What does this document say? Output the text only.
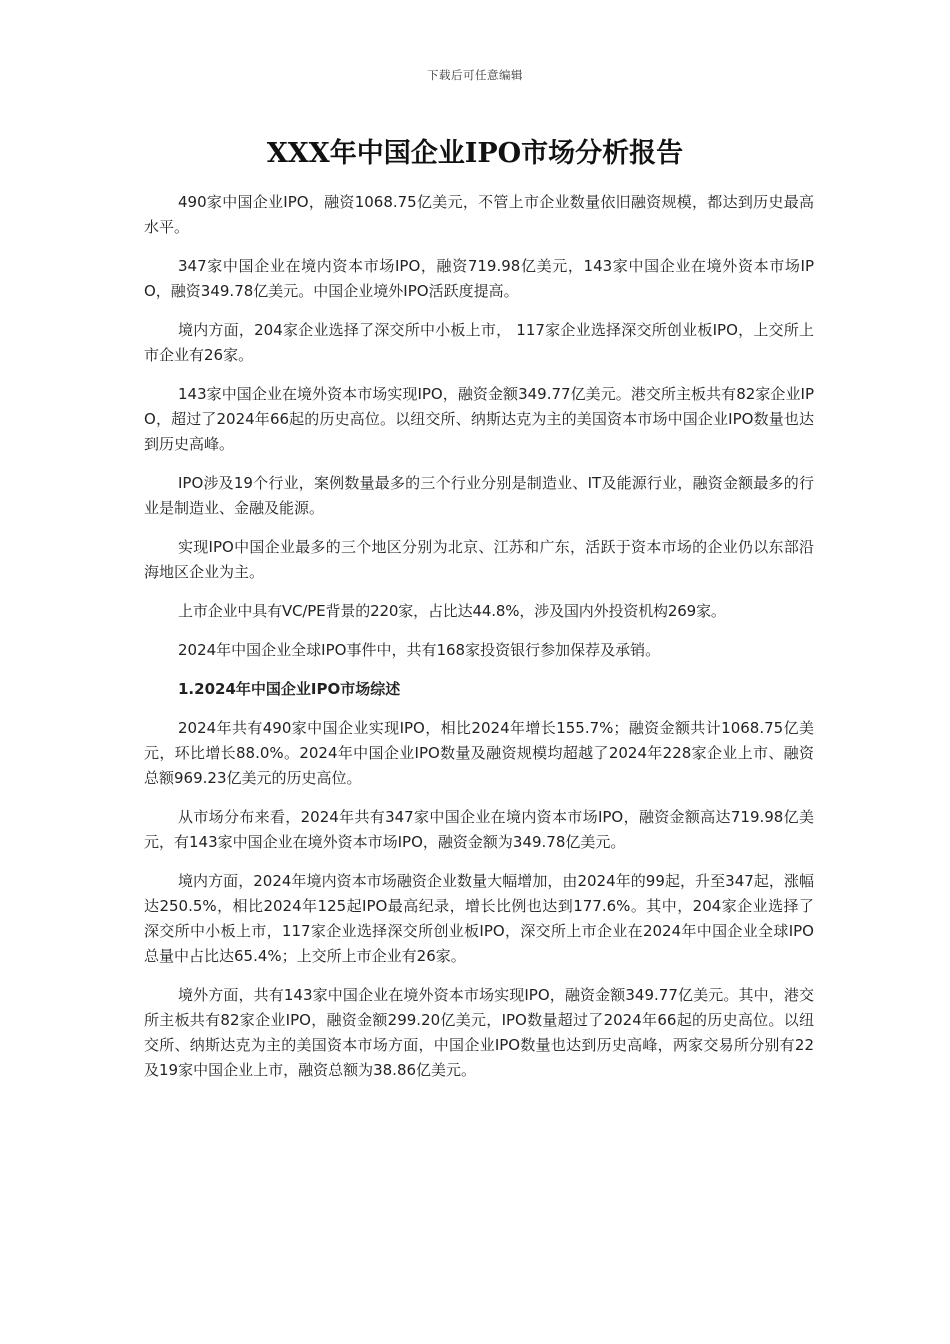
下载后可任意编辑
XXX年中国企业IPO市场分析报告

490家中国企业IPO，融资1068.75亿美元，不管上市企业数量依旧融资规模，都达到历史最高水平。

347家中国企业在境内资本市场IPO，融资719.98亿美元，143家中国企业在境外资本市场IPO，融资349.78亿美元。中国企业境外IPO活跃度提高。

境内方面，204家企业选择了深交所中小板上市， 117家企业选择深交所创业板IPO，上交所上市企业有26家。

143家中国企业在境外资本市场实现IPO，融资金额349.77亿美元。港交所主板共有82家企业IPO，超过了2024年66起的历史高位。以纽交所、纳斯达克为主的美国资本市场中国企业IPO数量也达到历史高峰。

IPO涉及19个行业，案例数量最多的三个行业分别是制造业、IT及能源行业，融资金额最多的行业是制造业、金融及能源。

实现IPO中国企业最多的三个地区分别为北京、江苏和广东，活跃于资本市场的企业仍以东部沿海地区企业为主。

上市企业中具有VC/PE背景的220家，占比达44.8%，涉及国内外投资机构269家。

2024年中国企业全球IPO事件中，共有168家投资银行参加保荐及承销。

1.2024年中国企业IPO市场综述

2024年共有490家中国企业实现IPO，相比2024年增长155.7%；融资金额共计1068.75亿美元，环比增长88.0%。2024年中国企业IPO数量及融资规模均超越了2024年228家企业上市、融资总额969.23亿美元的历史高位。

从市场分布来看，2024年共有347家中国企业在境内资本市场IPO，融资金额高达719.98亿美元，有143家中国企业在境外资本市场IPO，融资金额为349.78亿美元。

境内方面，2024年境内资本市场融资企业数量大幅增加，由2024年的99起，升至347起，涨幅达250.5%，相比2024年125起IPO最高纪录，增长比例也达到177.6%。其中，204家企业选择了深交所中小板上市，117家企业选择深交所创业板IPO，深交所上市企业在2024年中国企业全球IPO总量中占比达65.4%；上交所上市企业有26家。

境外方面，共有143家中国企业在境外资本市场实现IPO，融资金额349.77亿美元。其中，港交所主板共有82家企业IPO，融资金额299.20亿美元，IPO数量超过了2024年66起的历史高位。以纽交所、纳斯达克为主的美国资本市场方面，中国企业IPO数量也达到历史高峰，两家交易所分别有22及19家中国企业上市，融资总额为38.86亿美元。
